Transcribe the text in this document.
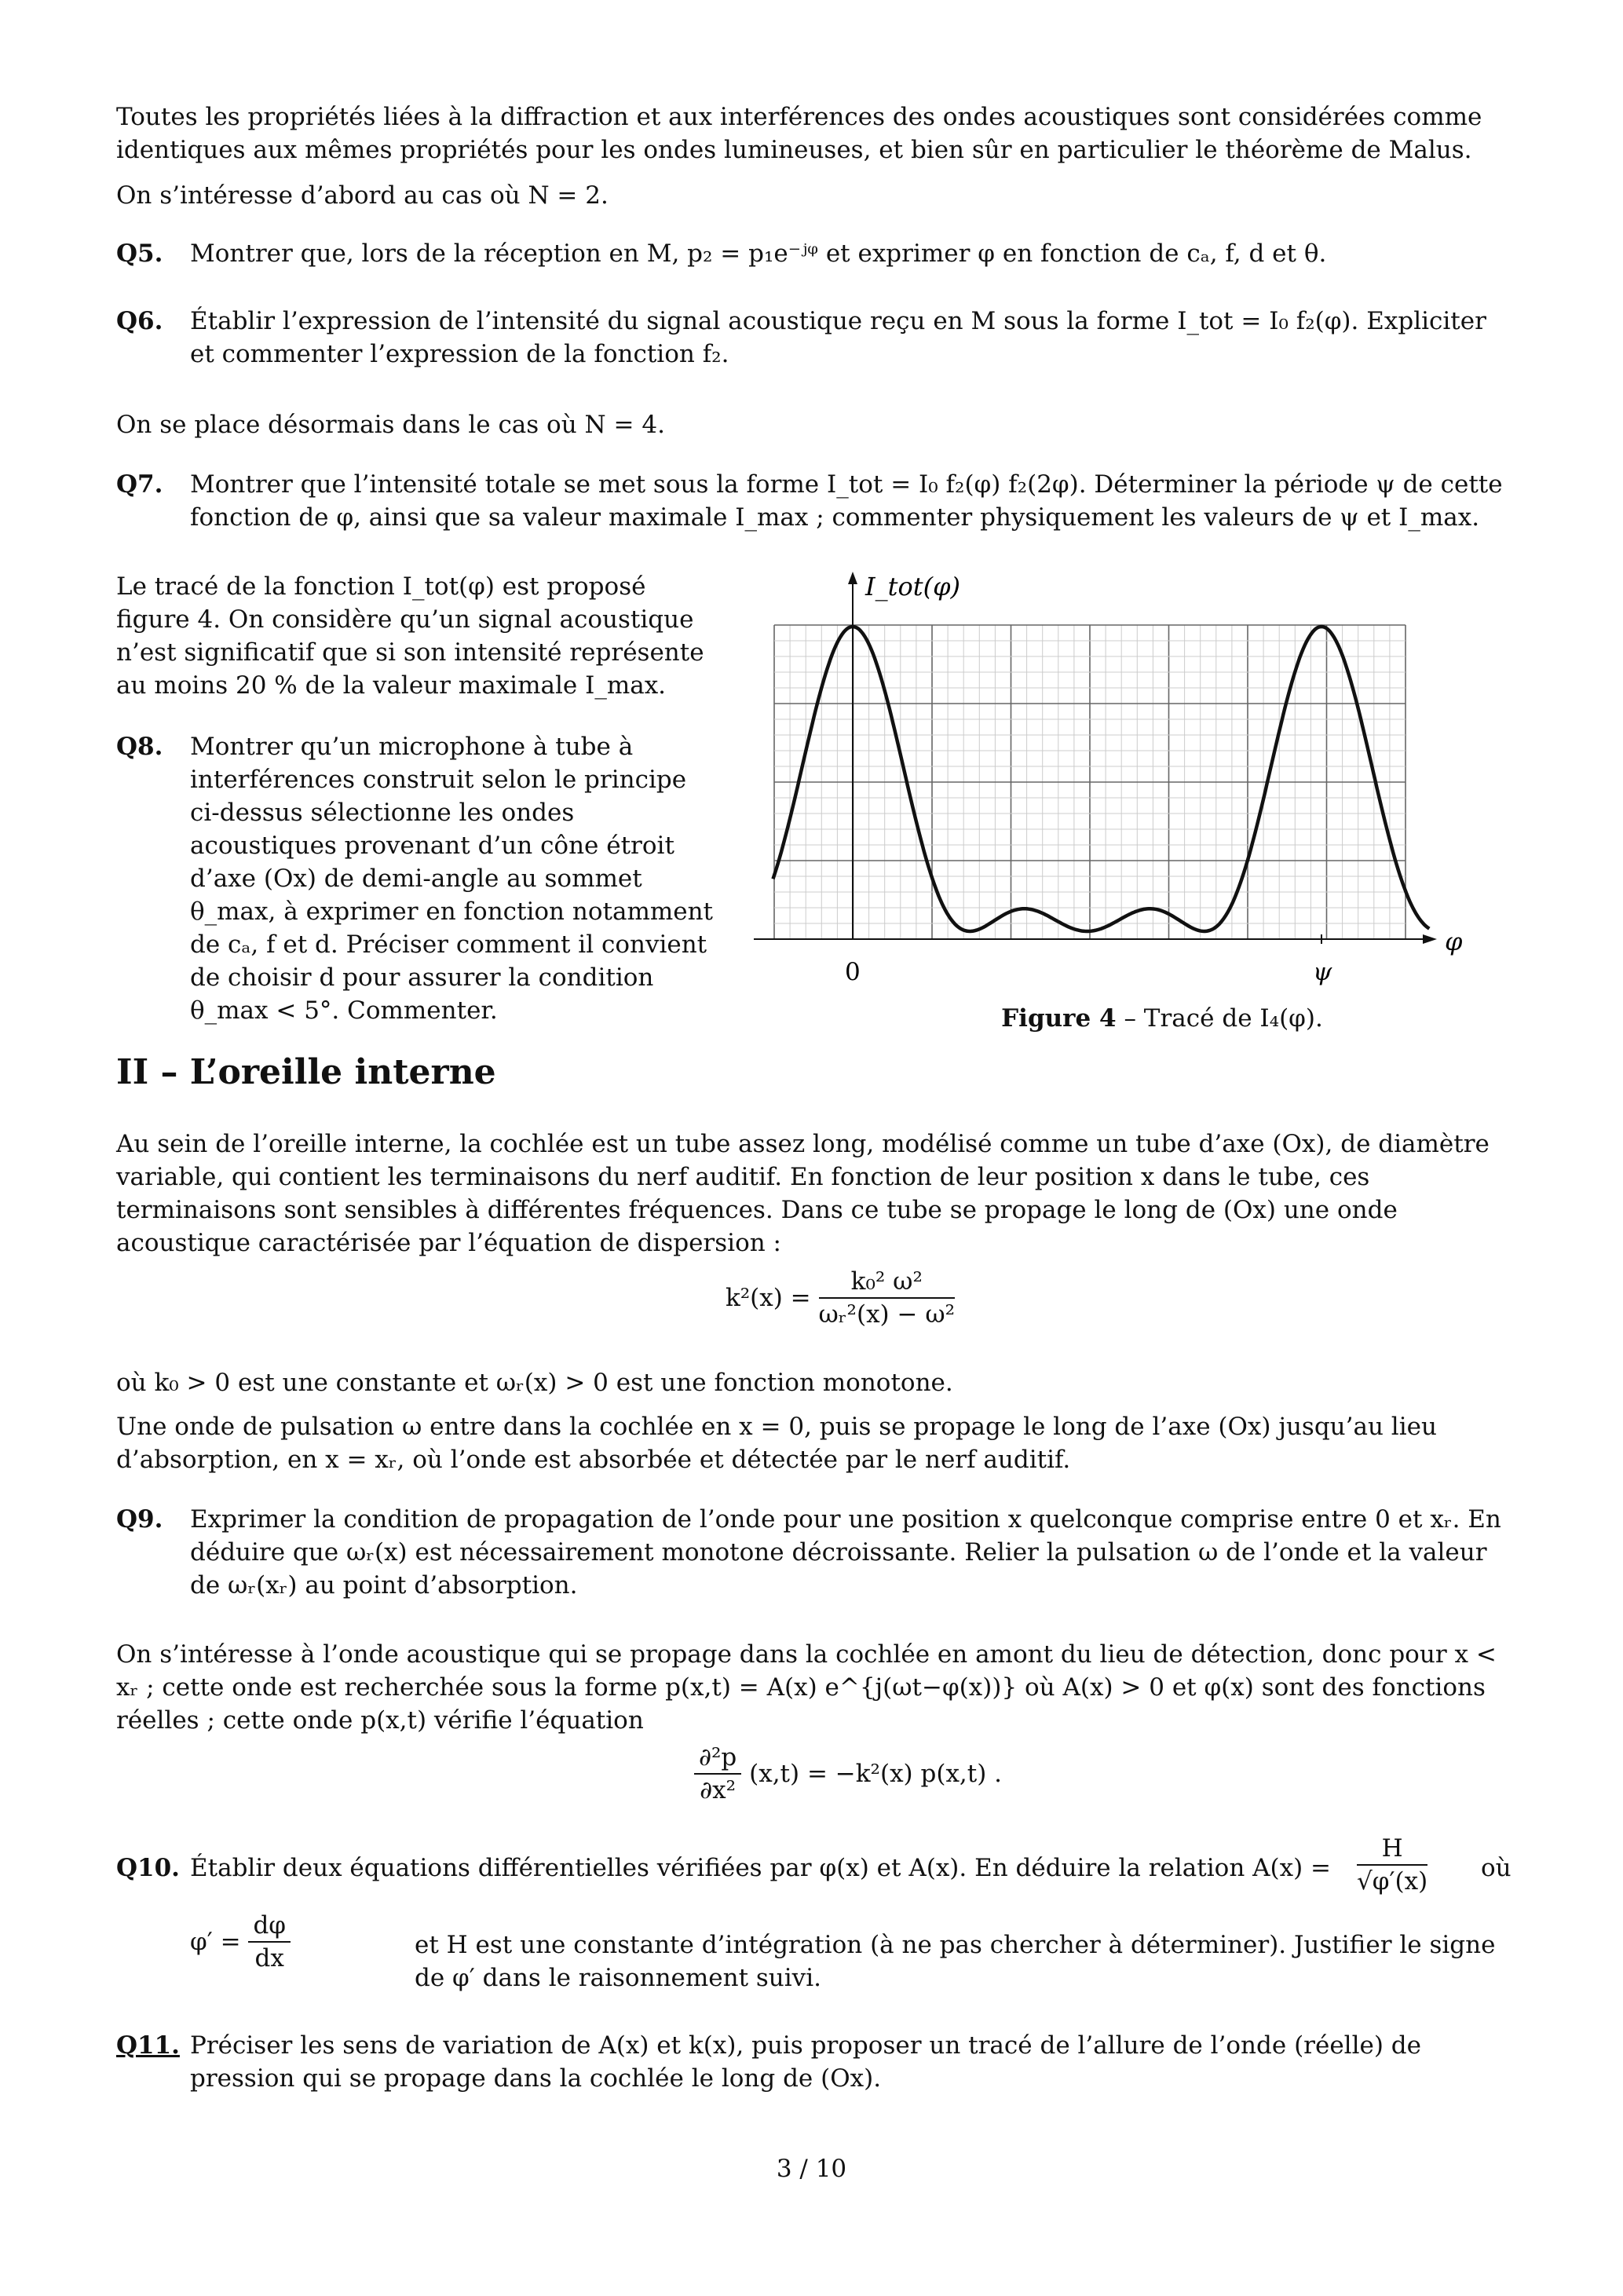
Toutes les propriétés liées à la diffraction et aux interférences des ondes acoustiques sont considérées comme identiques aux mêmes propriétés pour les ondes lumineuses, et bien sûr en particulier le théorème de Malus.
On s’intéresse d’abord au cas où N = 2.
Q5. Montrer que, lors de la réception en M, p₂ = p₁e⁻ʲᵠ et exprimer φ en fonction de cₐ, f, d et θ.
Q6. Établir l’expression de l’intensité du signal acoustique reçu en M sous la forme I_tot = I₀ f₂(φ). Expliciter et commenter l’expression de la fonction f₂.
On se place désormais dans le cas où N = 4.
Q7. Montrer que l’intensité totale se met sous la forme I_tot = I₀ f₂(φ) f₂(2φ). Déterminer la période ψ de cette fonction de φ, ainsi que sa valeur maximale I_max ; commenter physiquement les valeurs de ψ et I_max.
Le tracé de la fonction I_tot(φ) est proposé figure 4. On considère qu’un signal acoustique n’est significatif que si son intensité représente au moins 20 % de la valeur maximale I_max.
Q8. Montrer qu’un microphone à tube à interférences construit selon le principe ci-dessus sélectionne les ondes acoustiques provenant d’un cône étroit d’axe (Ox) de demi-angle au sommet θ_max, à exprimer en fonction notamment de cₐ, f et d. Préciser comment il convient de choisir d pour assurer la condition θ_max < 5°. Commenter.
I_tot(φ)
φ
0	ψ
Figure 4 – Tracé de I₄(φ).
II – L’oreille interne
Au sein de l’oreille interne, la cochlée est un tube assez long, modélisé comme un tube d’axe (Ox), de diamètre variable, qui contient les terminaisons du nerf auditif. En fonction de leur position x dans le tube, ces terminaisons sont sensibles à différentes fréquences. Dans ce tube se propage le long de (Ox) une onde acoustique caractérisée par l’équation de dispersion :
$k^2(x) = \frac{\text{k₀² ω²}}{\text{ωᵣ²(x) − ω²}}$
où k₀ > 0 est une constante et ωᵣ(x) > 0 est une fonction monotone.
Une onde de pulsation ω entre dans la cochlée en x = 0, puis se propage le long de l’axe (Ox) jusqu’au lieu d’absorption, en x = xᵣ, où l’onde est absorbée et détectée par le nerf auditif.
Q9. Exprimer la condition de propagation de l’onde pour une position x quelconque comprise entre 0 et xᵣ. En déduire que ωᵣ(x) est nécessairement monotone décroissante. Relier la pulsation ω de l’onde et la valeur de ωᵣ(xᵣ) au point d’absorption.
On s’intéresse à l’onde acoustique qui se propage dans la cochlée en amont du lieu de détection, donc pour x < xᵣ ; cette onde est recherchée sous la forme p(x,t) = A(x) e^{j(ωt−φ(x))} où A(x) > 0 et φ(x) sont des fonctions réelles ; cette onde p(x,t) vérifie l’équation
$\frac{\text{∂²p}}{\text{∂x²}} (x,t) = -k^2(x)$ p(x,t) .
Q10. Établir deux équations différentielles vérifiées par φ(x) et A(x). En déduire la relation A(x) =	$\frac{H}{√\varphi'(x)}$ où
$\varphi' = \frac{d\varphi}{dx}$	et H est une constante d’intégration (à ne pas chercher à déterminer). Justifier le signe de φ′ dans le raisonnement suivi.
Q11. Préciser les sens de variation de A(x) et k(x), puis proposer un tracé de l’allure de l’onde (réelle) de pression qui se propage dans la cochlée le long de (Ox).
3 / 10
